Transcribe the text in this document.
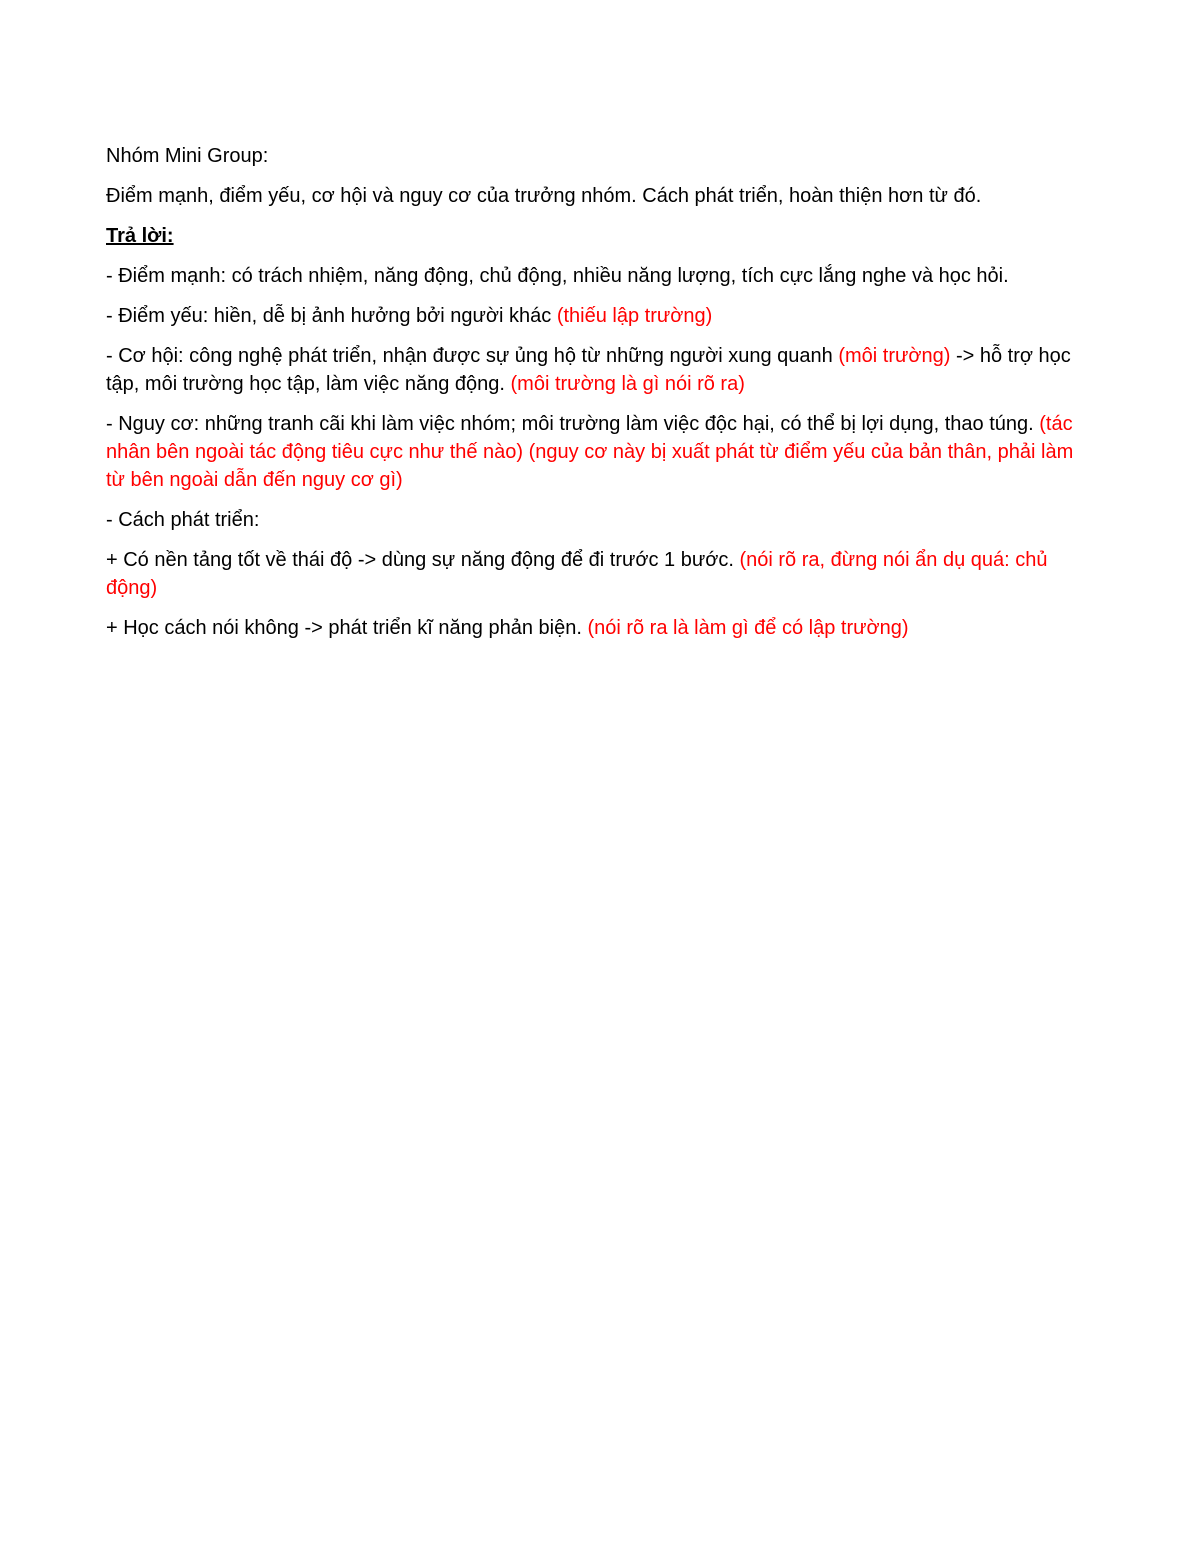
Nhóm Mini Group:

Điểm mạnh, điểm yếu, cơ hội và nguy cơ của trưởng nhóm. Cách phát triển, hoàn thiện hơn từ đó.

Trả lời:

- Điểm mạnh: có trách nhiệm, năng động, chủ động, nhiều năng lượng, tích cực lắng nghe và học hỏi.

- Điểm yếu: hiền, dễ bị ảnh hưởng bởi người khác (thiếu lập trường)

- Cơ hội: công nghệ phát triển, nhận được sự ủng hộ từ những người xung quanh (môi trường) -> hỗ trợ học tập, môi trường học tập, làm việc năng động. (môi trường là gì nói rõ ra)

- Nguy cơ: những tranh cãi khi làm việc nhóm; môi trường làm việc độc hại, có thể bị lợi dụng, thao túng. (tác nhân bên ngoài tác động tiêu cực như thế nào) (nguy cơ này bị xuất phát từ điểm yếu của bản thân, phải làm từ bên ngoài dẫn đến nguy cơ gì)

- Cách phát triển:

+ Có nền tảng tốt về thái độ -> dùng sự năng động để đi trước 1 bước. (nói rõ ra, đừng nói ẩn dụ quá: chủ động)

+ Học cách nói không -> phát triển kĩ năng phản biện. (nói rõ ra là làm gì để có lập trường)
